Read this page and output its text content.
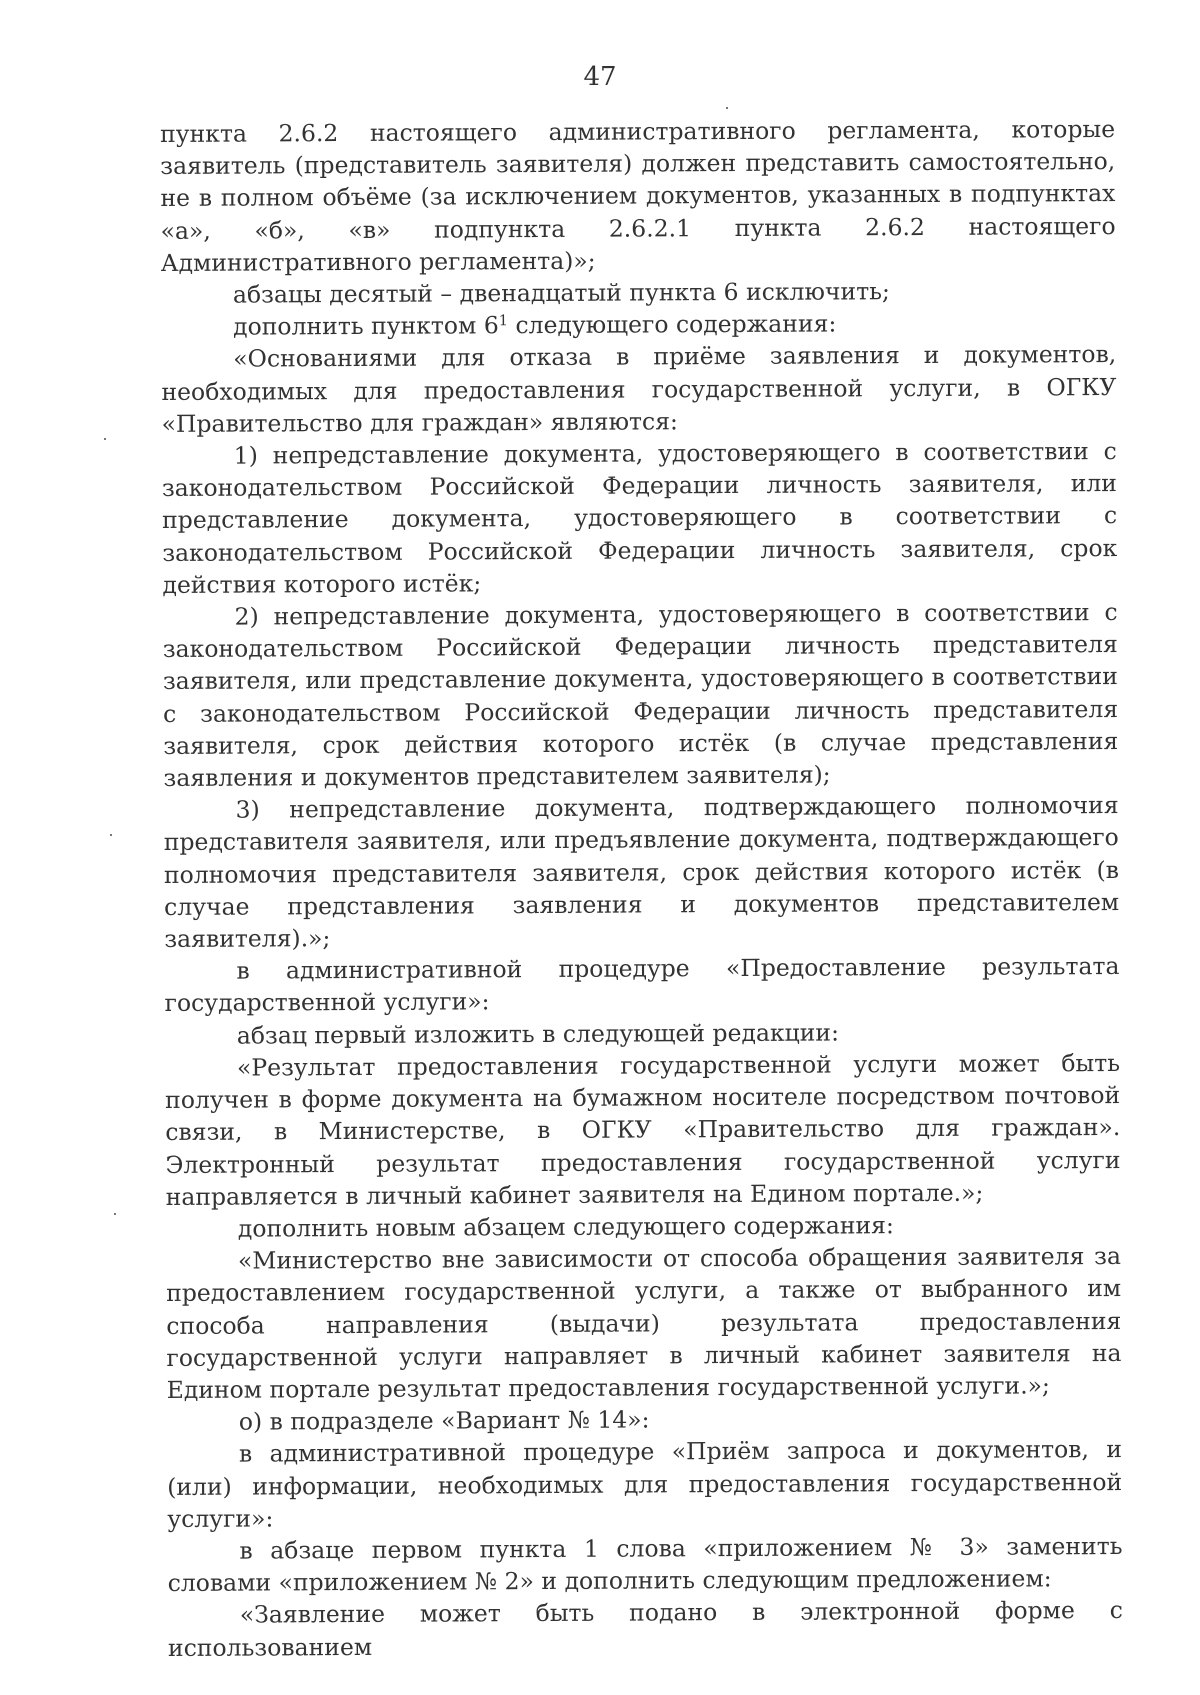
47

пункта 2.6.2 настоящего административного регламента, которые заявитель (представитель заявителя) должен представить самостоятельно, не в полном объёме (за исключением документов, указанных в подпунктах «а», «б», «в» подпункта 2.6.2.1 пункта 2.6.2 настоящего Административного регламента)»;

абзацы десятый – двенадцатый пункта 6 исключить;

дополнить пунктом $6^1$ следующего содержания:

«Основаниями для отказа в приёме заявления и документов, необходимых для предоставления государственной услуги, в ОГКУ «Правительство для граждан» являются:

1) непредставление документа, удостоверяющего в соответствии с законодательством Российской Федерации личность заявителя, или представление документа, удостоверяющего в соответствии с законодательством Российской Федерации личность заявителя, срок действия которого истёк;

2) непредставление документа, удостоверяющего в соответствии с законодательством Российской Федерации личность представителя заявителя, или представление документа, удостоверяющего в соответствии с законодательством Российской Федерации личность представителя заявителя, срок действия которого истёк (в случае представления заявления и документов представителем заявителя);

3) непредставление документа, подтверждающего полномочия представителя заявителя, или предъявление документа, подтверждающего полномочия представителя заявителя, срок действия которого истёк (в случае представления заявления и документов представителем заявителя).»;

в административной процедуре «Предоставление результата государственной услуги»:

абзац первый изложить в следующей редакции:

«Результат предоставления государственной услуги может быть получен в форме документа на бумажном носителе посредством почтовой связи, в Министерстве, в ОГКУ «Правительство для граждан». Электронный результат предоставления государственной услуги направляется в личный кабинет заявителя на Едином портале.»;

дополнить новым абзацем следующего содержания:

«Министерство вне зависимости от способа обращения заявителя за предоставлением государственной услуги, а также от выбранного им способа направления (выдачи) результата предоставления государственной услуги направляет в личный кабинет заявителя на Едином портале результат предоставления государственной услуги.»;

о) в подразделе «Вариант № 14»:

в административной процедуре «Приём запроса и документов, и (или) информации, необходимых для предоставления государственной услуги»:

в абзаце первом пункта 1 слова «приложением № 3» заменить словами «приложением № 2» и дополнить следующим предложением:

«Заявление может быть подано в электронной форме с использованием
